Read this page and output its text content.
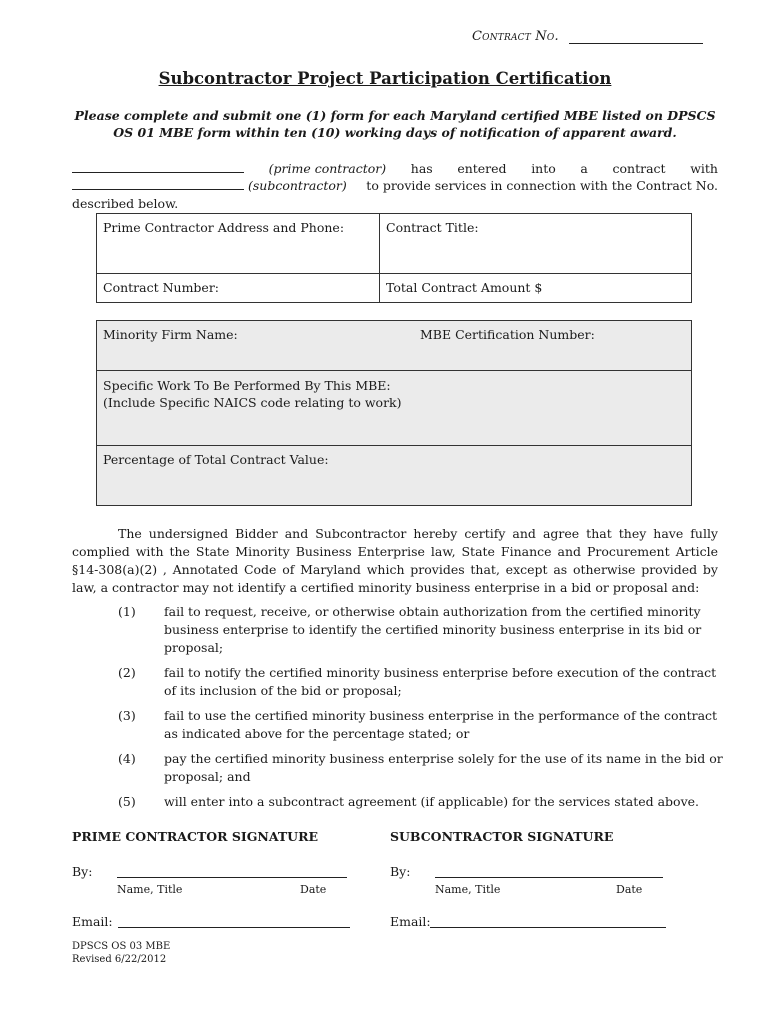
Contract No.
Subcontractor Project Participation Certification
Please complete and submit one (1) form for each Maryland certified MBE listed on DPSCS OS 01 MBE form within ten (10) working days of notification of apparent award.
(prime contractor) has entered into a contract with
(subcontractor) to provide services in connection with the Contract No.
described below.
Prime Contractor Address and Phone:	Contract Title:
Contract Number:	Total Contract Amount $
Minority Firm Name:	MBE Certification Number:
Specific Work To Be Performed By This MBE:
(Include Specific NAICS code relating to work)
Percentage of Total Contract Value:
The undersigned Bidder and Subcontractor hereby certify and agree that they have fully complied with the State Minority Business Enterprise law, State Finance and Procurement Article §14-308(a)(2) , Annotated Code of Maryland which provides that, except as otherwise provided by law, a contractor may not identify a certified minority business enterprise in a bid or proposal and:
(1) fail to request, receive, or otherwise obtain authorization from the certified minority business enterprise to identify the certified minority business enterprise in its bid or proposal;
(2) fail to notify the certified minority business enterprise before execution of the contract of its inclusion of the bid or proposal;
(3) fail to use the certified minority business enterprise in the performance of the contract as indicated above for the percentage stated; or
(4) pay the certified minority business enterprise solely for the use of its name in the bid or proposal; and
(5) will enter into a subcontract agreement (if applicable) for the services stated above.
PRIME CONTRACTOR SIGNATURE	SUBCONTRACTOR SIGNATURE
By:
Name, Title	Date
By:
Name, Title	Date
Email:	Email:
DPSCS OS 03 MBE
Revised 6/22/2012
